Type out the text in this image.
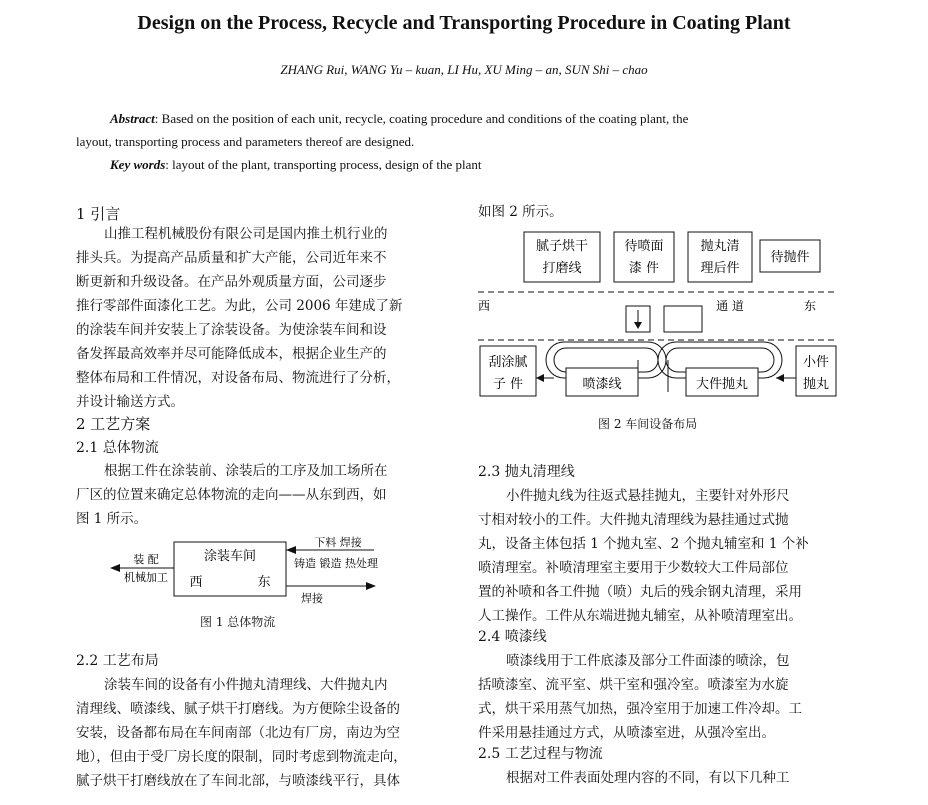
Design on the Process, Recycle and Transporting Procedure in Coating Plant
ZHANG Rui, WANG Yu – kuan, LI Hu, XU Ming – an, SUN Shi – chao
Abstract: Based on the position of each unit, recycle, coating procedure and conditions of the coating plant, the
layout, transporting process and parameters thereof are designed.
Key words: layout of the plant, transporting process, design of the plant
1 引言
山推工程机械股份有限公司是国内推土机行业的
排头兵。为提高产品质量和扩大产能，公司近年来不
断更新和升级设备。在产品外观质量方面，公司逐步
推行零部件面漆化工艺。为此，公司 2006 年建成了新
的涂装车间并安装上了涂装设备。为使涂装车间和设
备发挥最高效率并尽可能降低成本，根据企业生产的
整体布局和工件情况，对设备布局、物流进行了分析，
并设计输送方式。
2 工艺方案
2.1 总体物流
根据工件在涂装前、涂装后的工序及加工场所在
厂区的位置来确定总体物流的走向——从东到西，如
图 1 所示。
涂装车间
西	东
装 配
机械加工
下料 焊接
铸造 锻造 热处理
焊接
图 1 总体物流
2.2 工艺布局
涂装车间的设备有小件抛丸清理线、大件抛丸内
清理线、喷漆线、腻子烘干打磨线。为方便除尘设备的
安装，设备都布局在车间南部（北边有厂房，南边为空
地），但由于受厂房长度的限制，同时考虑到物流走向，
腻子烘干打磨线放在了车间北部，与喷漆线平行，具体
如图 2 所示。
腻子烘干
打磨线
待喷面
漆 件
抛丸清
理后件
待抛件
西	通 道	东
刮涂腻
子 件
小件
抛丸
喷漆线	大件抛丸
图 2 车间设备布局
2.3 抛丸清理线
小件抛丸线为往返式悬挂抛丸，主要针对外形尺
寸相对较小的工件。大件抛丸清理线为悬挂通过式抛
丸，设备主体包括 1 个抛丸室、2 个抛丸辅室和 1 个补
喷清理室。补喷清理室主要用于少数较大工件局部位
置的补喷和各工件抛（喷）丸后的残余钢丸清理，采用
人工操作。工件从东端进抛丸辅室，从补喷清理室出。
2.4 喷漆线
喷漆线用于工件底漆及部分工件面漆的喷涂，包
括喷漆室、流平室、烘干室和强冷室。喷漆室为水旋
式，烘干采用蒸气加热，强冷室用于加速工件冷却。工
件采用悬挂通过方式，从喷漆室进，从强冷室出。
2.5 工艺过程与物流
根据对工件表面处理内容的不同，有以下几种工
